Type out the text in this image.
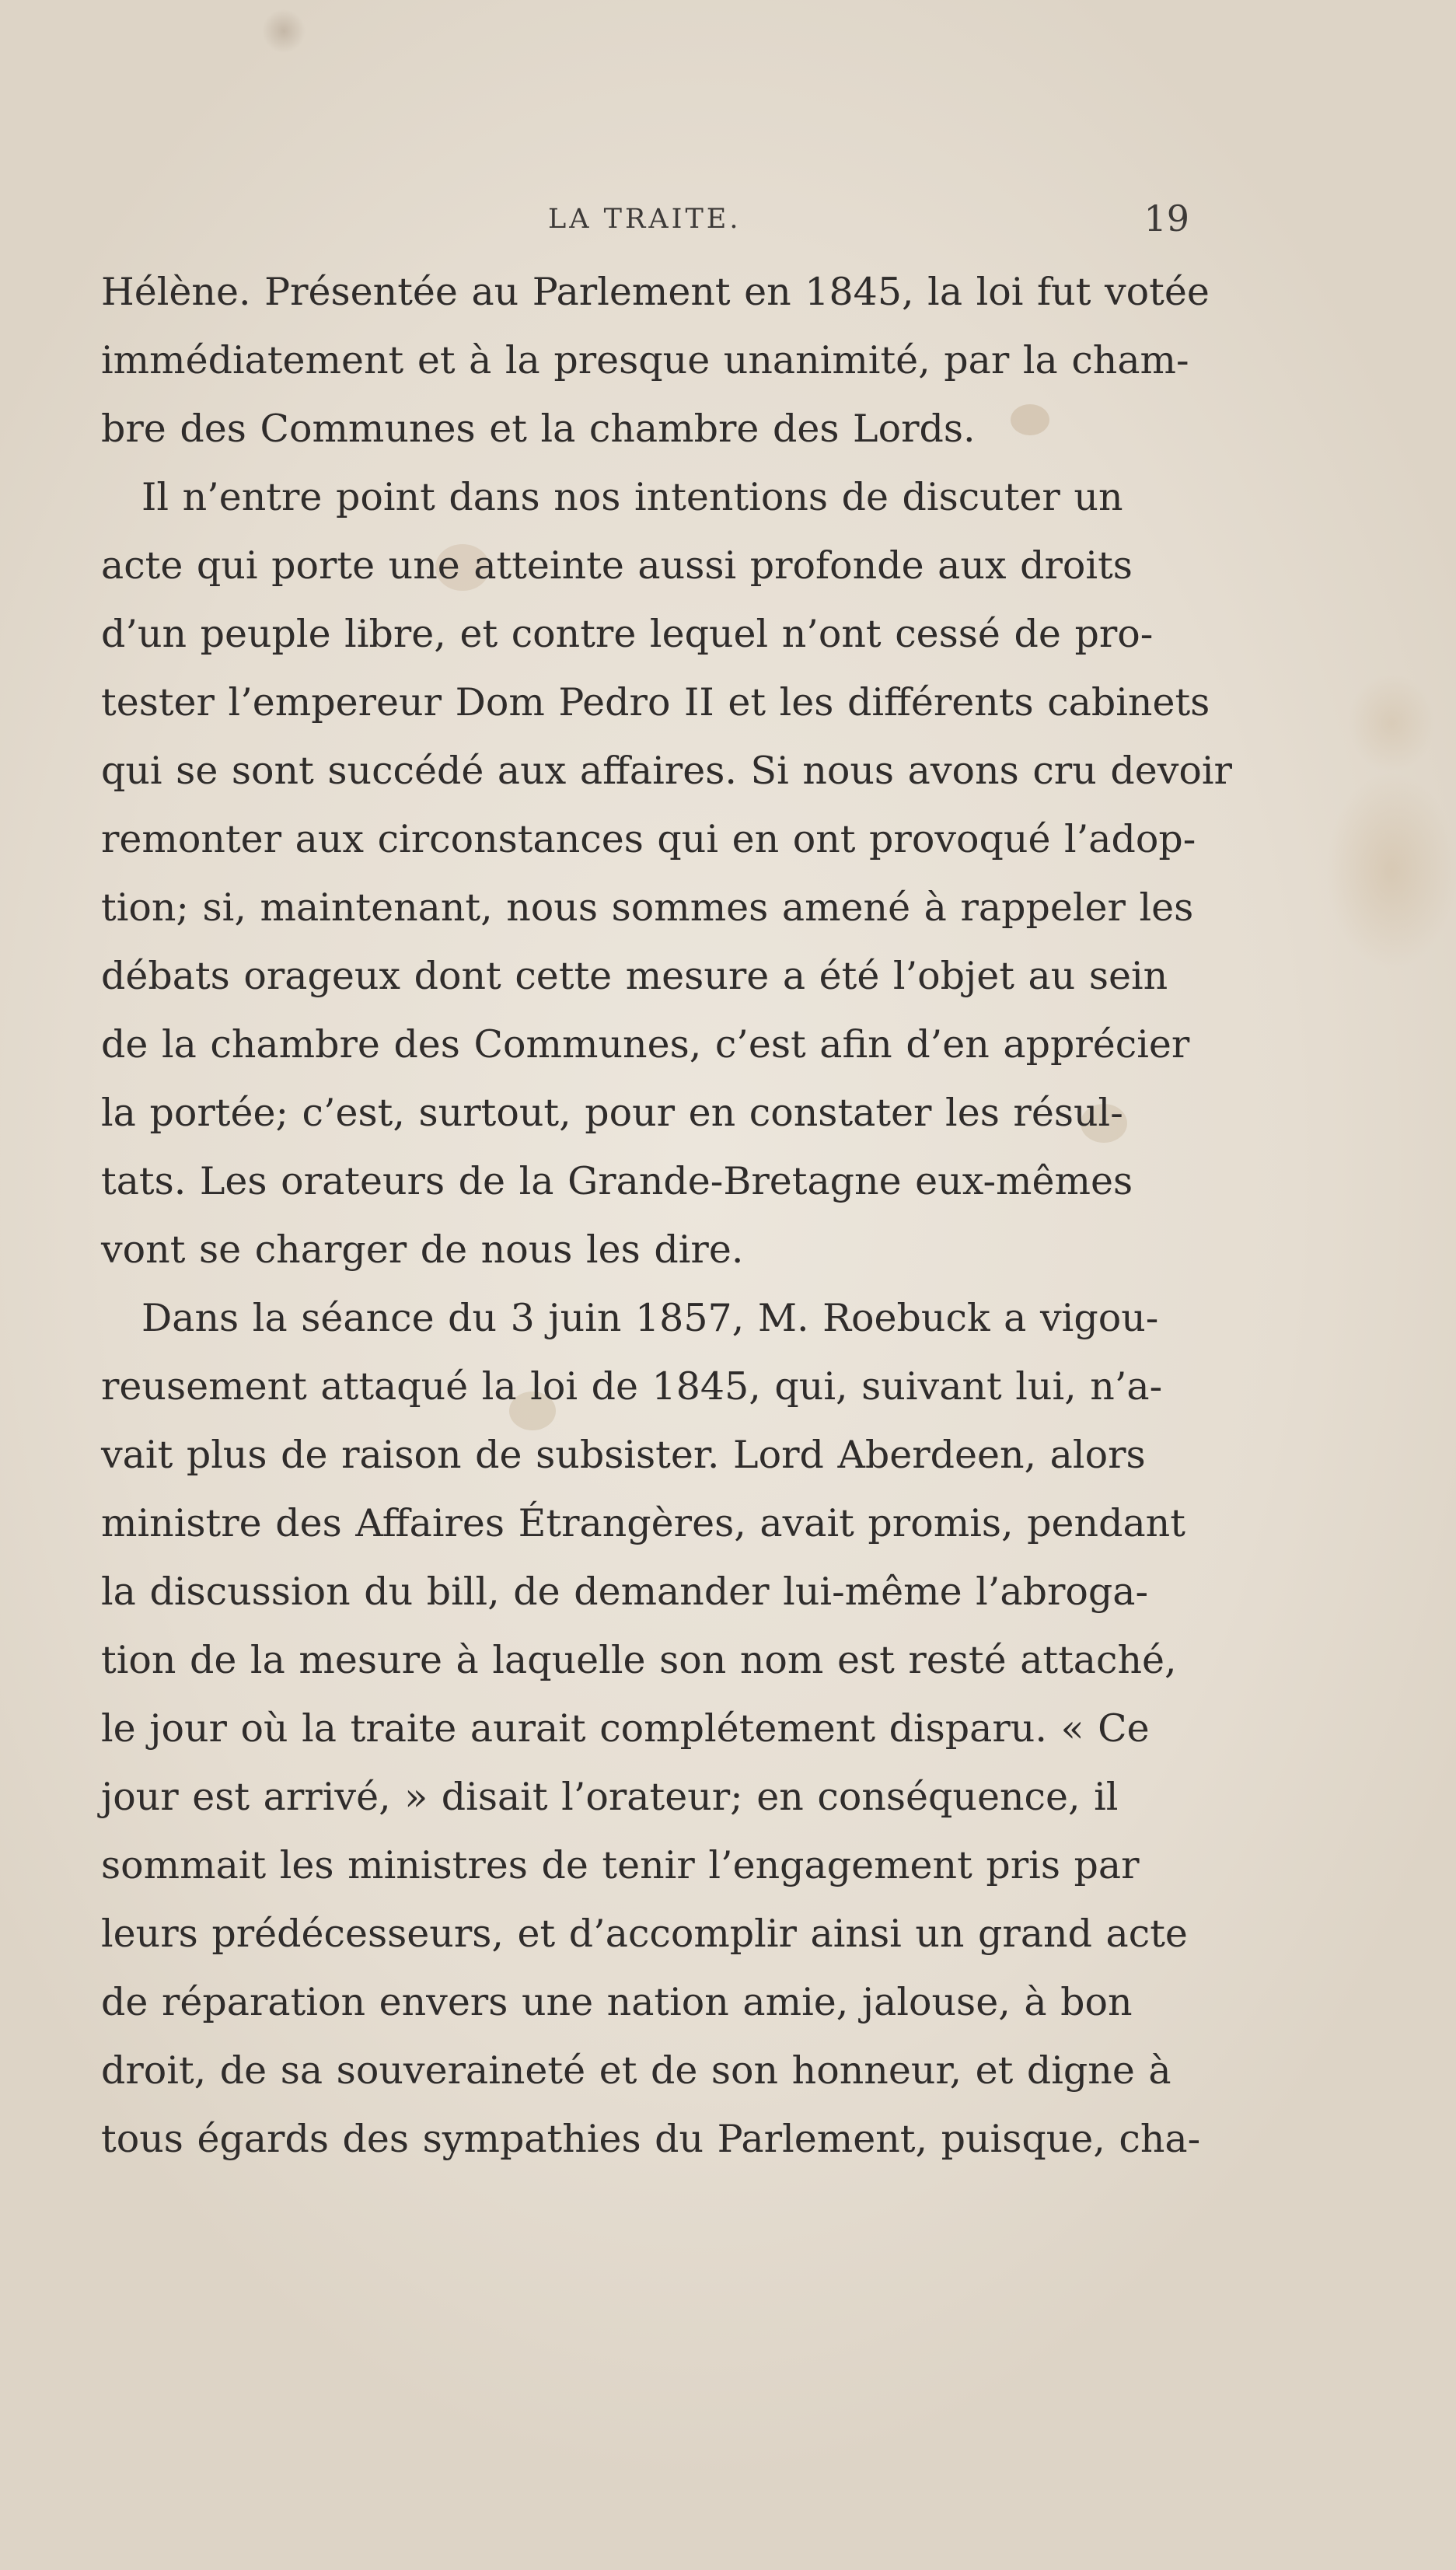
LA TRAITE.	19
Hélène. Présentée au Parlement en 1845, la loi fut votée
immédiatement et à la presque unanimité, par la cham-
bre des Communes et la chambre des Lords.
Il n’entre point dans nos intentions de discuter un
acte qui porte une atteinte aussi profonde aux droits
d’un peuple libre, et contre lequel n’ont cessé de pro-
tester l’empereur Dom Pedro II et les différents cabinets
qui se sont succédé aux affaires. Si nous avons cru devoir
remonter aux circonstances qui en ont provoqué l’adop-
tion; si, maintenant, nous sommes amené à rappeler les
débats orageux dont cette mesure a été l’objet au sein
de la chambre des Communes, c’est afin d’en apprécier
la portée; c’est, surtout, pour en constater les résul-
tats. Les orateurs de la Grande-Bretagne eux-mêmes
vont se charger de nous les dire.
Dans la séance du 3 juin 1857, M. Roebuck a vigou-
reusement attaqué la loi de 1845, qui, suivant lui, n’a-
vait plus de raison de subsister. Lord Aberdeen, alors
ministre des Affaires Étrangères, avait promis, pendant
la discussion du bill, de demander lui-même l’abroga-
tion de la mesure à laquelle son nom est resté attaché,
le jour où la traite aurait complétement disparu. « Ce
jour est arrivé, » disait l’orateur; en conséquence, il
sommait les ministres de tenir l’engagement pris par
leurs prédécesseurs, et d’accomplir ainsi un grand acte
de réparation envers une nation amie, jalouse, à bon
droit, de sa souveraineté et de son honneur, et digne à
tous égards des sympathies du Parlement, puisque, cha-
